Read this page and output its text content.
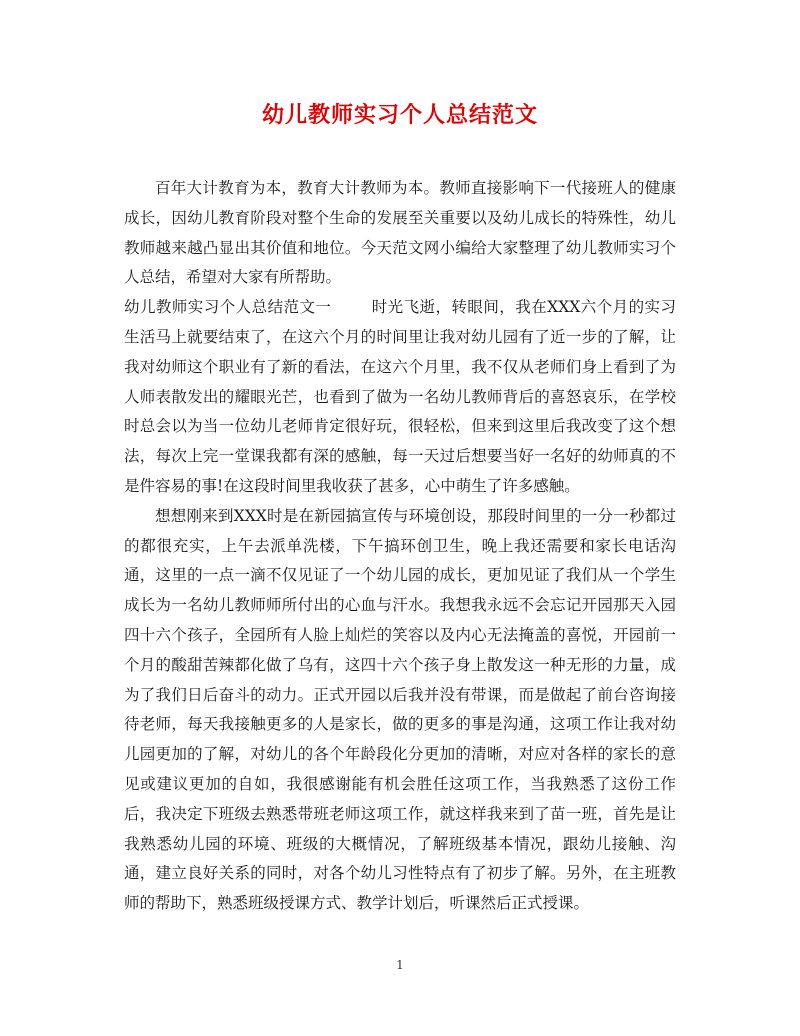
幼儿教师实习个人总结范文

百年大计教育为本，教育大计教师为本。教师直接影响下一代接班人的健康成长，因幼儿教育阶段对整个生命的发展至关重要以及幼儿成长的特殊性，幼儿教师越来越凸显出其价值和地位。今天范文网小编给大家整理了幼儿教师实习个人总结，希望对大家有所帮助。

幼儿教师实习个人总结范文一	时光飞逝，转眼间，我在XXX六个月的实习生活马上就要结束了，在这六个月的时间里让我对幼儿园有了近一步的了解，让我对幼师这个职业有了新的看法，在这六个月里，我不仅从老师们身上看到了为人师表散发出的耀眼光芒，也看到了做为一名幼儿教师背后的喜怒哀乐，在学校时总会以为当一位幼儿老师肯定很好玩，很轻松，但来到这里后我改变了这个想法，每次上完一堂课我都有深的感触，每一天过后想要当好一名好的幼师真的不是件容易的事!在这段时间里我收获了甚多，心中萌生了许多感触。

想想刚来到XXX时是在新园搞宣传与环境创设，那段时间里的一分一秒都过的都很充实，上午去派单洗楼，下午搞环创卫生，晚上我还需要和家长电话沟通，这里的一点一滴不仅见证了一个幼儿园的成长，更加见证了我们从一个学生成长为一名幼儿教师师所付出的心血与汗水。我想我永远不会忘记开园那天入园四十六个孩子，全园所有人脸上灿烂的笑容以及内心无法掩盖的喜悦，开园前一个月的酸甜苦辣都化做了乌有，这四十六个孩子身上散发这一种无形的力量，成为了我们日后奋斗的动力。正式开园以后我并没有带课，而是做起了前台咨询接待老师，每天我接触更多的人是家长，做的更多的事是沟通，这项工作让我对幼儿园更加的了解，对幼儿的各个年龄段化分更加的清晰，对应对各样的家长的意见或建议更加的自如，我很感谢能有机会胜任这项工作，当我熟悉了这份工作后，我决定下班级去熟悉带班老师这项工作，就这样我来到了苗一班，首先是让我熟悉幼儿园的环境、班级的大概情况，了解班级基本情况，跟幼儿接触、沟通，建立良好关系的同时，对各个幼儿习性特点有了初步了解。另外，在主班教师的帮助下，熟悉班级授课方式、教学计划后，听课然后正式授课。

1
